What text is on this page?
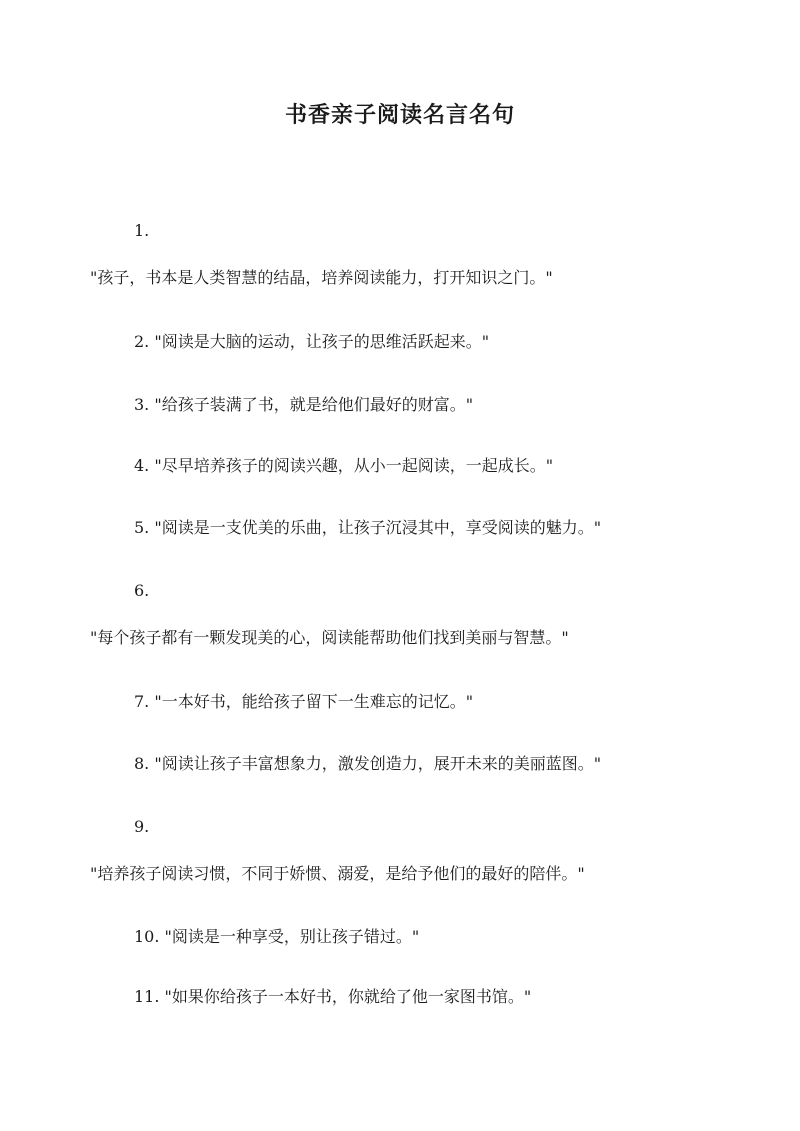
书香亲子阅读名言名句
1.
"孩子，书本是人类智慧的结晶，培养阅读能力，打开知识之门。"
2. "阅读是大脑的运动，让孩子的思维活跃起来。"
3. "给孩子装满了书，就是给他们最好的财富。"
4. "尽早培养孩子的阅读兴趣，从小一起阅读，一起成长。"
5. "阅读是一支优美的乐曲，让孩子沉浸其中，享受阅读的魅力。"
6.
"每个孩子都有一颗发现美的心，阅读能帮助他们找到美丽与智慧。"
7. "一本好书，能给孩子留下一生难忘的记忆。"
8. "阅读让孩子丰富想象力，激发创造力，展开未来的美丽蓝图。"
9.
"培养孩子阅读习惯，不同于娇惯、溺爱，是给予他们的最好的陪伴。"
10. "阅读是一种享受，别让孩子错过。"
11. "如果你给孩子一本好书，你就给了他一家图书馆。"
